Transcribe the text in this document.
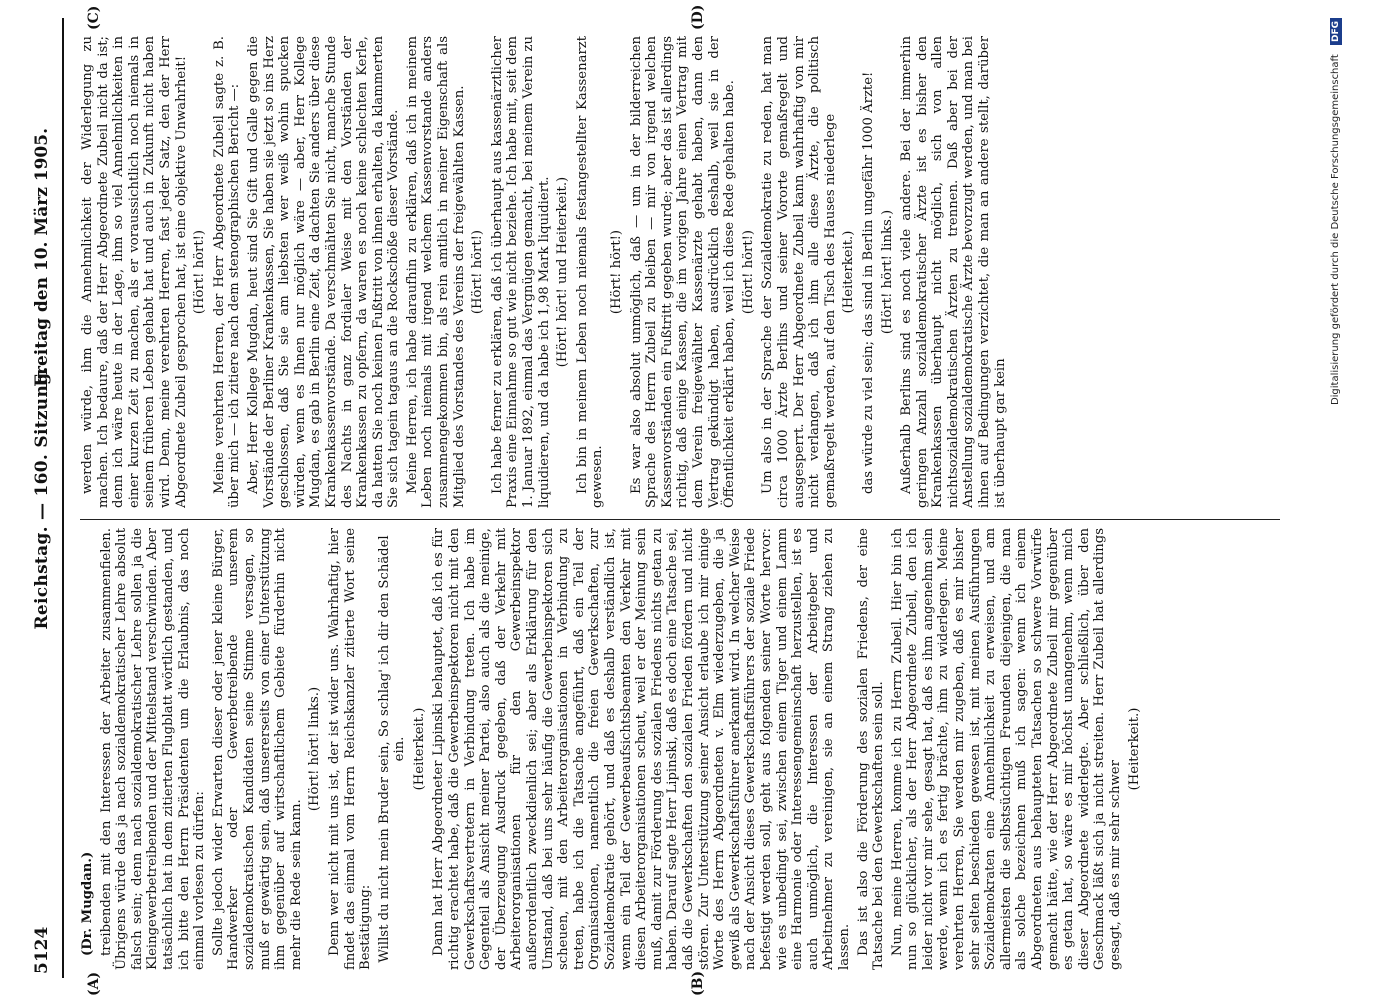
5124
Reichstag. — 160. Sitzung.
Freitag den 10. März 1905.
(A)	(B)
(C)	(D)

(Dr. Mugdan.) treibenden mit den Interessen der Arbeiter zusammenfielen. Übrigens würde das ja nach sozialdemokratischer Lehre absolut falsch sein; denn nach sozialdemokratischer Lehre sollen ja die Kleingewerbetreibenden und der Mittelstand verschwinden. Aber tatsächlich hat in dem zitierten Flugblatt wörtlich gestanden, und ich bitte den Herrn Präsidenten um die Erlaubnis, das noch einmal vorlesen zu dürfen: Sollte jedoch wider Erwarten dieser oder jener kleine Bürger, Handwerker oder Gewerbetreibende unserem sozialdemokratischen Kandidaten seine Stimme versagen, so muß er gewärtig sein, daß unsererseits von einer Unterstützung ihm gegenüber auf wirtschaftlichem Gebiete fürderhin nicht mehr die Rede sein kann.

(Hört! hört! links.) Denn wer nicht mit uns ist, der ist wider uns. Wahrhaftig, hier findet das einmal vom Herrn Reichskanzler zitierte Wort seine Bestätigung: Willst du nicht mein Bruder sein, So schlag' ich dir den Schädel ein. (Heiterkeit.) Dann hat Herr Abgeordneter Lipinski behauptet, daß ich es für richtig erachtet habe, daß die Gewerbeinspektoren nicht mit den Gewerkschaftsvertretern in Verbindung treten. Ich habe im Gegenteil als Ansicht meiner Partei, also auch als die meinige, der Überzeugung Ausdruck gegeben, daß der Verkehr mit Arbeiterorganisationen für den Gewerbeinspektor außerordentlich zweckdienlich sei; aber als Erklärung für den Umstand, daß bei uns sehr häufig die Gewerbeinspektoren sich scheuen, mit den Arbeiterorganisationen in Verbindung zu treten, habe ich die Tatsache angeführt, daß ein Teil der Organisationen, namentlich die freien Gewerkschaften, zur Sozialdemokratie gehört, und daß es deshalb verständlich ist, wenn ein Teil der Gewerbeaufsichtsbeamten den Verkehr mit diesen Arbeiterorganisationen scheut, weil er der Meinung sein muß, damit zur Förderung des sozialen Friedens nichts getan zu haben. Darauf sagte Herr Lipinski, daß es doch eine Tatsache sei, daß die Gewerkschaften den sozialen Frieden fördern und nicht stören. Zur Unterstützung seiner Ansicht erlaube ich mir einige Worte des Herrn Abgeordneten v. Elm wiederzugeben, die ja gewiß als Gewerkschaftsführer anerkannt wird. In welcher Weise nach der Ansicht dieses Gewerkschaftsführers der soziale Friede befestigt werden soll, geht aus folgenden seiner Worte hervor: wie es unbedingt sei, zwischen einem Tiger und einem Lamm eine Harmonie oder Interessengemeinschaft herzustellen, ist es auch unmöglich, die Interessen der Arbeitgeber und Arbeitnehmer zu vereinigen, sie an einem Strang ziehen zu lassen. Das ist also die Förderung des sozialen Friedens, der eine Tatsache bei den Gewerkschaften sein soll. Nun, meine Herren, komme ich zu Herrn Zubeil. Hier bin ich nun so glücklicher, als der Herr Abgeordnete Zubeil, den ich leider nicht vor mir sehe, gesagt hat, daß es ihm angenehm sein werde, wenn ich es fertig brächte, ihm zu widerlegen. Meine verehrten Herren, Sie werden mir zugeben, daß es mir bisher sehr selten beschieden gewesen ist, mit meinen Ausführungen Sozialdemokraten eine Annehmlichkeit zu erweisen, und am allermeisten die selbstsüchtigen Freunden diejenigen, die man als solche bezeichnen muß ich sagen: wenn ich einem Abgeordneten aus behaupteten Tatsachen so schwere Vorwürfe gemacht hätte, wie der Herr Abgeordnete Zubeil mir gegenüber es getan hat, so wäre es mir höchst unangenehm, wenn mich dieser Abgeordnete widerlegte. Aber schließlich, über den Geschmack läßt sich ja nicht streiten. Herr Zubeil hat allerdings gesagt, daß es mir sehr schwer

(Heiterkeit.)

werden würde, ihm die Annehmlichkeit der Widerlegung zu machen. Ich bedaure, daß der Herr Abgeordnete Zubeil nicht da ist; denn ich wäre heute in der Lage, ihm so viel Annehmlichkeiten in einer kurzen Zeit zu machen, als er voraussichtlich noch niemals in seinem früheren Leben gehabt hat und auch in Zukunft nicht haben wird. Denn, meine verehrten Herren, fast jeder Satz, den der Herr Abgeordnete Zubeil gesprochen hat, ist eine objektive Unwahrheit! (Hört! hört!) Meine verehrten Herren, der Herr Abgeordnete Zubeil sagte z. B. über mich — ich zitiere nach dem stenographischen Bericht —: Aber, Herr Kollege Mugdan, heut sind Sie Gift und Galle gegen die Vorstände der Berliner Krankenkassen, Sie haben sie jetzt so ins Herz geschlossen, daß Sie sie am liebsten wer weiß wohin spucken würden, wenn es Ihnen nur möglich wäre — aber, Herr Kollege Mugdan, es gab in Berlin eine Zeit, da dachten Sie anders über diese Krankenkassenvorstände. Da verschmähten Sie nicht, manche Stunde des Nachts in ganz fordialer Weise mit den Vorständen der Krankenkassen zu opfern, da waren es noch keine schlechten Kerle, da hatten Sie noch keinen Fußtritt von ihnen erhalten, da klammerten Sie sich tagein tagaus an die Rockschöße dieser Vorstände. Meine Herren, ich habe daraufhin zu erklären, daß ich in meinem Leben noch niemals mit irgend welchem Kassenvorstande anders zusammengekommen bin, als rein amtlich in meiner Eigenschaft als Mitglied des Vorstandes des Vereins der freigewählten Kassen. (Hört! hört!) Ich habe ferner zu erklären, daß ich überhaupt aus kassenärztlicher Praxis eine Einnahme so gut wie nicht beziehe. Ich habe mit, seit dem 1. Januar 1892, einmal das Vergnügen gemacht, bei meinem Verein zu liquidieren, und da habe ich 1,98 Mark liquidiert. (Hört! hört! und Heiterkeit.) Ich bin in meinem Leben noch niemals festangestellter Kassenarzt gewesen.

(Hört! hört!) Es war also absolut unmöglich, daß — um in der bilderreichen Sprache des Herrn Zubeil zu bleiben — mir von irgend welchen Kassenvorständen ein Fußtritt gegeben wurde; aber das ist allerdings richtig, daß einige Kassen, die im vorigen Jahre einen Vertrag mit dem Verein freigewählter Kassenärzte gehabt haben, dann den Vertrag gekündigt haben, ausdrücklich deshalb, weil sie in der Öffentlichkeit erklärt haben, weil ich diese Rede gehalten habe. (Hört! hört!) Um also in der Sprache der Sozialdemokratie zu reden, hat man circa 1000 Ärzte Berlins und seiner Vororte gemaßregelt und ausgesperrt. Der Herr Abgeordnete Zubeil kann wahrhaftig von mir nicht verlangen, daß ich ihm alle diese Ärzte, die politisch gemaßregelt werden, auf den Tisch des Hauses niederlege (Heiterkeit.) das würde zu viel sein; das sind in Berlin ungefähr 1000 Ärzte! (Hört! hört! links.) Außerhalb Berlins sind es noch viele andere. Bei der immerhin geringen Anzahl sozialdemokratischer Ärzte ist es bisher den Krankenkassen überhaupt nicht möglich, sich von allen nichtsozialdemokratischen Ärzten zu trennen. Daß aber bei der Anstellung sozialdemokratische Ärzte bevorzugt werden, und man bei ihnen auf Bedingungen verzichtet, die man an andere stellt, darüber ist überhaupt gar kein

Digitalisierung gefördert durch die Deutsche Forschungsgemeinschaft DFG
